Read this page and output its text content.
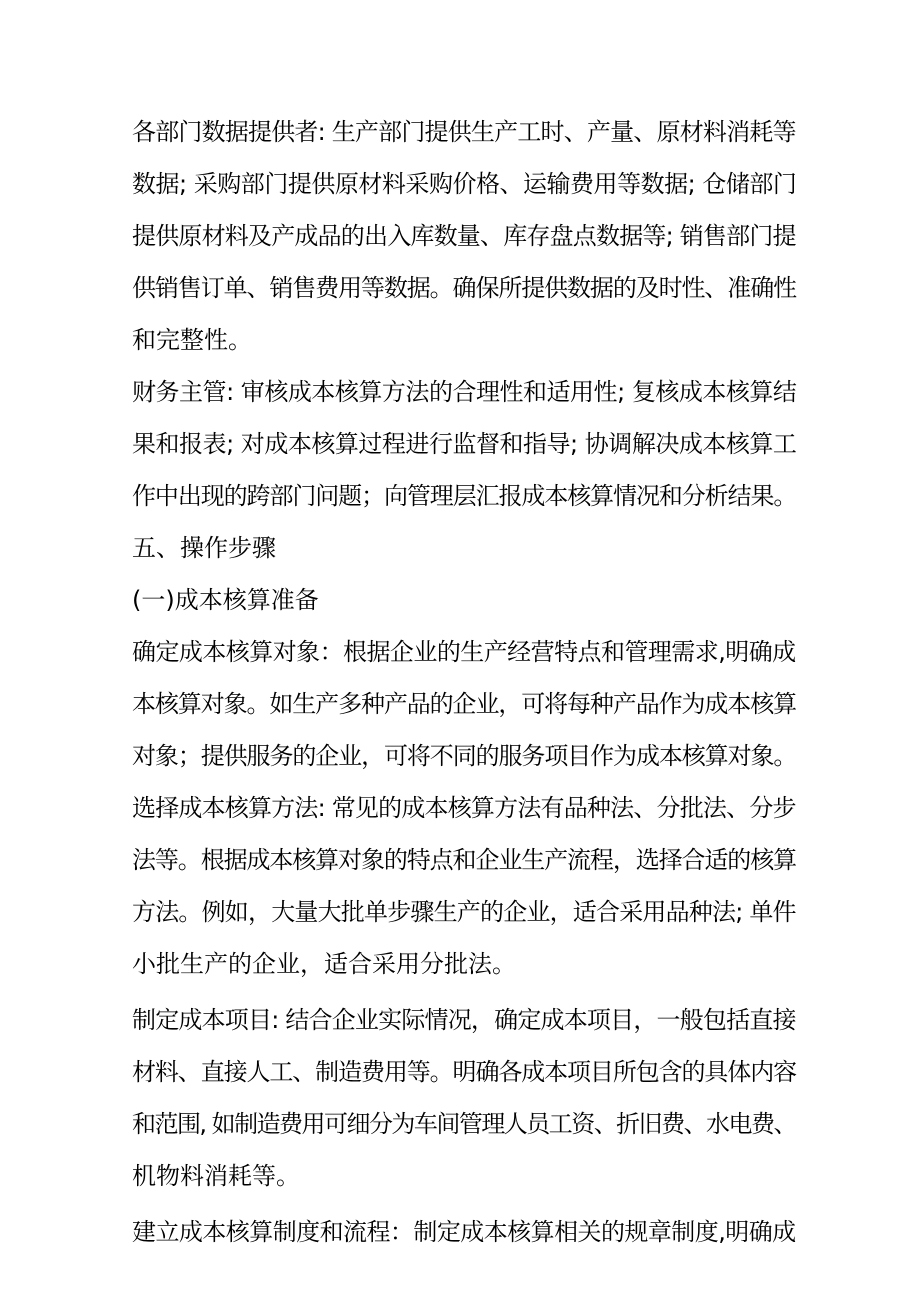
各部门数据提供者: 生产部门提供生产工时、产量、原材料消耗等
数据; 采购部门提供原材料采购价格、运输费用等数据; 仓储部门
提供原材料及产成品的出入库数量、库存盘点数据等; 销售部门提
供销售订单、销售费用等数据。确保所提供数据的及时性、准确性
和完整性。
财务主管: 审核成本核算方法的合理性和适用性; 复核成本核算结
果和报表; 对成本核算过程进行监督和指导; 协调解决成本核算工
作中出现的跨部门问题；向管理层汇报成本核算情况和分析结果。
五、操作步骤
(一)成本核算准备
确定成本核算对象：根据企业的生产经营特点和管理需求,明确成
本核算对象。如生产多种产品的企业，可将每种产品作为成本核算
对象；提供服务的企业，可将不同的服务项目作为成本核算对象。
选择成本核算方法: 常见的成本核算方法有品种法、分批法、分步
法等。根据成本核算对象的特点和企业生产流程，选择合适的核算
方法。例如，大量大批单步骤生产的企业，适合采用品种法; 单件
小批生产的企业，适合采用分批法。
制定成本项目: 结合企业实际情况，确定成本项目，一般包括直接
材料、直接人工、制造费用等。明确各成本项目所包含的具体内容
和范围, 如制造费用可细分为车间管理人员工资、折旧费、水电费、
机物料消耗等。
建立成本核算制度和流程：制定成本核算相关的规章制度,明确成
